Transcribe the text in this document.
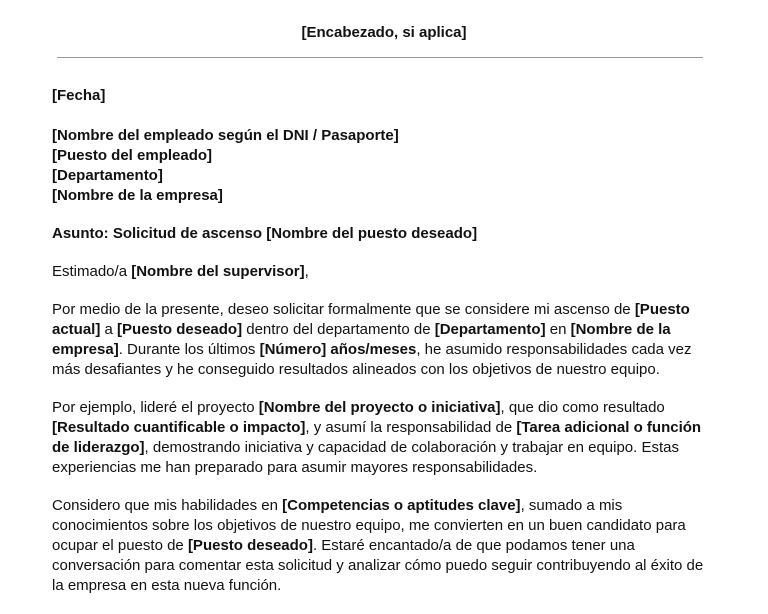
[Encabezado, si aplica]

[Fecha]

[Nombre del empleado según el DNI / Pasaporte]

[Puesto del empleado]

[Departamento]

[Nombre de la empresa]

Asunto: Solicitud de ascenso [Nombre del puesto deseado]

Estimado/a [Nombre del supervisor],

Por medio de la presente, deseo solicitar formalmente que se considere mi ascenso de [Puesto actual] a [Puesto deseado] dentro del departamento de [Departamento] en [Nombre de la empresa]. Durante los últimos [Número] años/meses, he asumido responsabilidades cada vez más desafiantes y he conseguido resultados alineados con los objetivos de nuestro equipo.

Por ejemplo, lideré el proyecto [Nombre del proyecto o iniciativa], que dio como resultado [Resultado cuantificable o impacto], y asumí la responsabilidad de [Tarea adicional o función de liderazgo], demostrando iniciativa y capacidad de colaboración y trabajar en equipo. Estas experiencias me han preparado para asumir mayores responsabilidades.

Considero que mis habilidades en [Competencias o aptitudes clave], sumado a mis conocimientos sobre los objetivos de nuestro equipo, me convierten en un buen candidato para ocupar el puesto de [Puesto deseado]. Estaré encantado/a de que podamos tener una conversación para comentar esta solicitud y analizar cómo puedo seguir contribuyendo al éxito de la empresa en esta nueva función.
